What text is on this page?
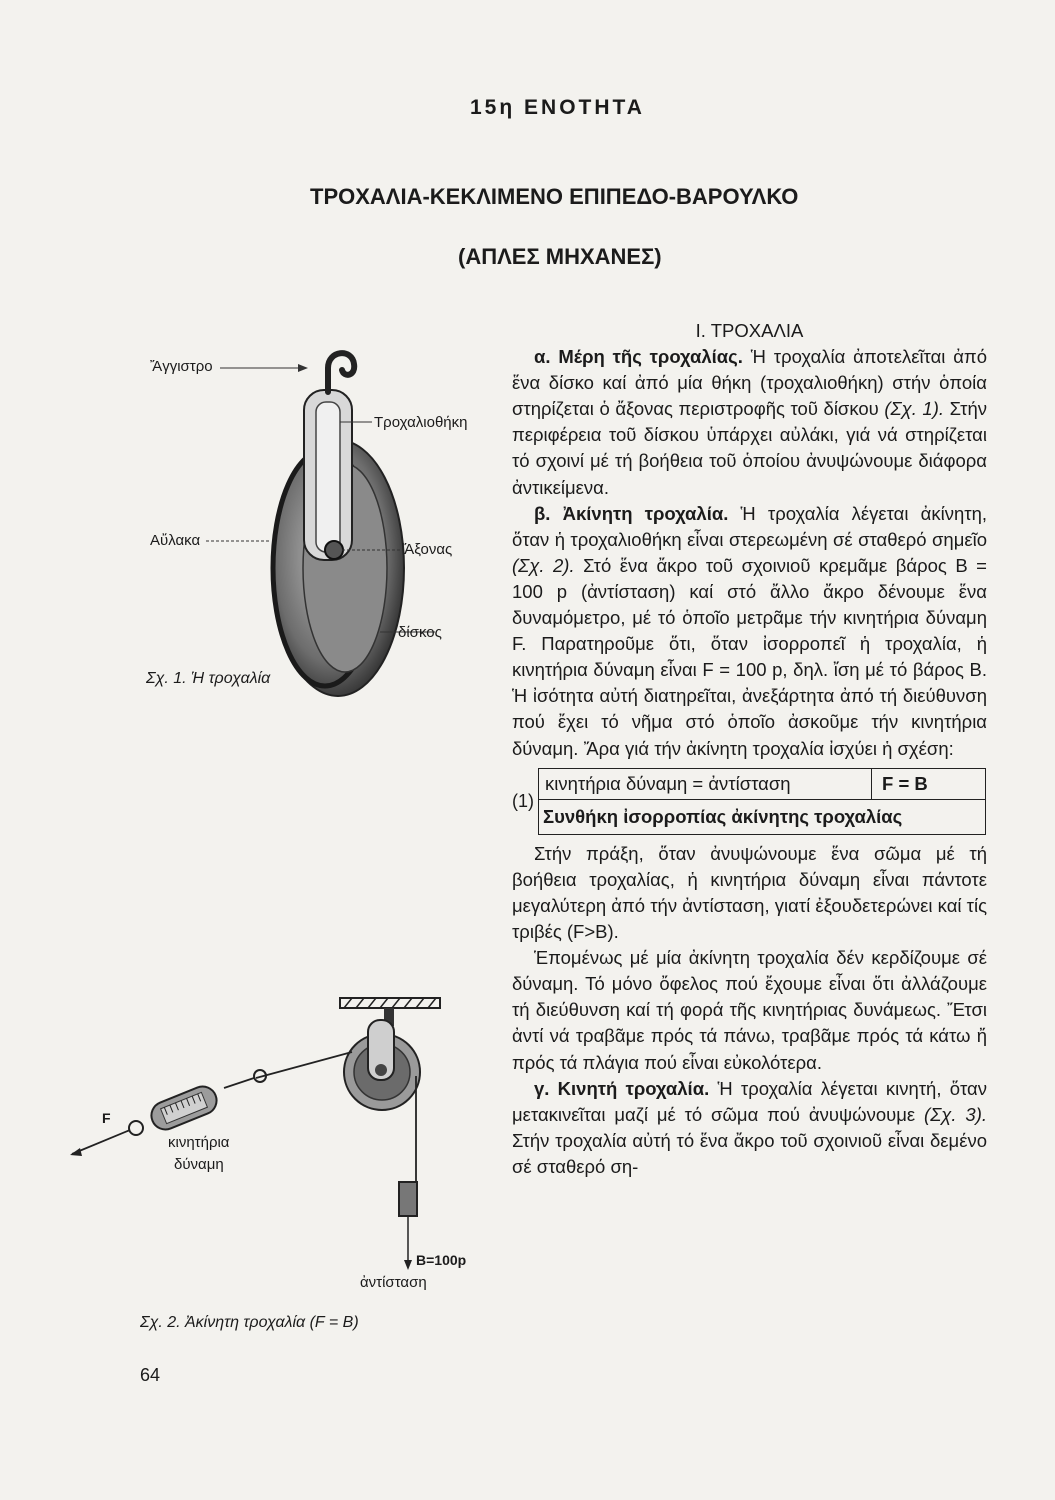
15η ΕΝΟΤΗΤΑ
ΤΡΟΧΑΛΙΑ-ΚΕΚΛΙΜΕΝΟ ΕΠΙΠΕΔΟ-ΒΑΡΟΥΛΚΟ
(ΑΠΛΕΣ ΜΗΧΑΝΕΣ)
Ἄγγιστρο
Τροχαλιοθήκη
Αὔλακα
Ἄξονας
δίσκος
Σχ. 1. Ἡ τροχαλία
F
κινητήρια
δύναμη
B=100p
ἀντίσταση
Σχ. 2. Ἀκίνητη τροχαλία (F = B)

Ι. ΤΡΟΧΑΛΙΑ

α. Μέρη τῆς τροχαλίας. Ἡ τροχαλία ἀποτελεῖται ἀπό ἕνα δίσκο καί ἀπό μία θήκη (τροχαλιοθήκη) στήν ὁποία στηρίζεται ὁ ἄξονας περιστροφῆς τοῦ δίσκου (Σχ. 1). Στήν περιφέρεια τοῦ δίσκου ὑπάρχει αὐλάκι, γιά νά στηρίζεται τό σχοινί μέ τή βοήθεια τοῦ ὁποίου ἀνυψώνουμε διάφορα ἀντικείμενα.

β. Ἀκίνητη τροχαλία. Ἡ τροχαλία λέγεται ἀκίνητη, ὅταν ἡ τροχαλιοθήκη εἶναι στερεωμένη σέ σταθερό σημεῖο (Σχ. 2). Στό ἕνα ἄκρο τοῦ σχοινιοῦ κρεμᾶμε βάρος Β = 100 p (ἀντίσταση) καί στό ἄλλο ἄκρο δένουμε ἕνα δυναμόμετρο, μέ τό ὁποῖο μετρᾶμε τήν κινητήρια δύναμη F. Παρατηροῦμε ὅτι, ὅταν ἰσορροπεῖ ἡ τροχαλία, ἡ κινητήρια δύναμη εἶναι F = 100 p, δηλ. ἴση μέ τό βάρος Β. Ἡ ἰσότητα αὐτή διατηρεῖται, ἀνεξάρτητα ἀπό τή διεύθυνση πού ἔχει τό νῆμα στό ὁποῖο ἀσκοῦμε τήν κινητήρια δύναμη. Ἄρα γιά τήν ἀκίνητη τροχαλία ἰσχύει ἡ σχέση:

(1)
κινητήρια δύναμη = ἀντίσταση	F = B
Συνθήκη ἰσορροπίας ἀκίνητης τροχαλίας

Στήν πράξη, ὅταν ἀνυψώνουμε ἕνα σῶμα μέ τή βοήθεια τροχαλίας, ἡ κινητήρια δύναμη εἶναι πάντοτε μεγαλύτερη ἀπό τήν ἀντίσταση, γιατί ἐξουδετερώνει καί τίς τριβές (F>B).

Ἑπομένως μέ μία ἀκίνητη τροχαλία δέν κερδίζουμε σέ δύναμη. Τό μόνο ὄφελος πού ἔχουμε εἶναι ὅτι ἀλλάζουμε τή διεύθυνση καί τή φορά τῆς κινητήριας δυνάμεως. Ἔτσι ἀντί νά τραβᾶμε πρός τά πάνω, τραβᾶμε πρός τά κάτω ἤ πρός τά πλάγια πού εἶναι εὐκολότερα.

γ. Κινητή τροχαλία. Ἡ τροχαλία λέγεται κινητή, ὅταν μετακινεῖται μαζί μέ τό σῶμα πού ἀνυψώνουμε (Σχ. 3). Στήν τροχαλία αὐτή τό ἕνα ἄκρο τοῦ σχοινιοῦ εἶναι δεμένο σέ σταθερό ση-

64
